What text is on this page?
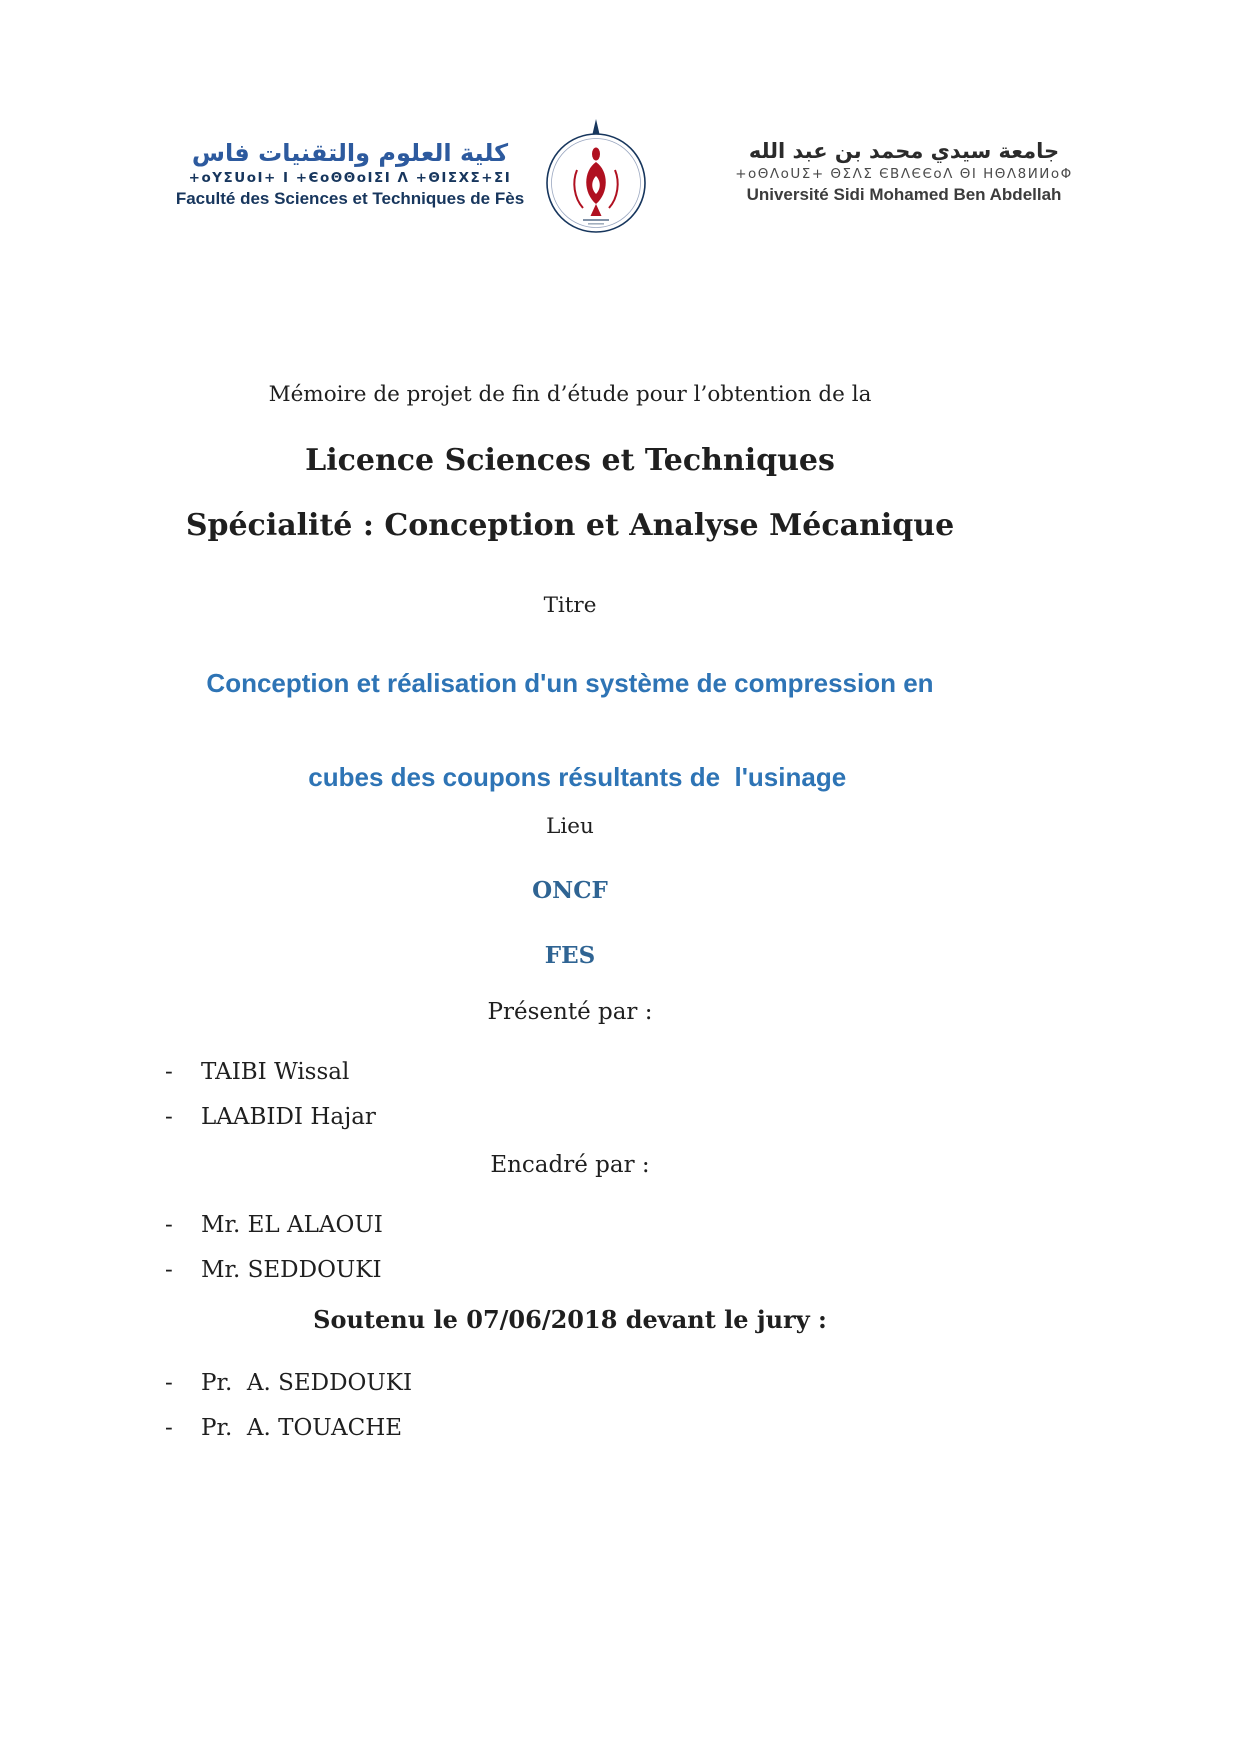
كلية العلوم والتقنيات فاس
+oYΣUoI+ I +ЄoΘΘoIΣI Λ +ΘIΣXΣ+ΣI
Faculté des Sciences et Techniques de Fès
جامعة سيدي محمد بن عبد الله
+oΘΛoUΣ+ ΘΣΛΣ ЄBΛЄЄoΛ ΘI HΘΛ8ИИoΦ
Université Sidi Mohamed Ben Abdellah

Mémoire de projet de fin d’étude pour l’obtention de la

Licence Sciences et Techniques

Spécialité : Conception et Analyse Mécanique

Titre

Conception et réalisation d'un système de compression en

cubes des coupons résultants de  l'usinage

Lieu

ONCF

FES

Présenté par :

-	TAIBI Wissal
-	LAABIDI Hajar

Encadré par :

-	Mr. EL ALAOUI
-	Mr. SEDDOUKI

Soutenu le 07/06/2018 devant le jury :

-	Pr.  A. SEDDOUKI
-	Pr.  A. TOUACHE
